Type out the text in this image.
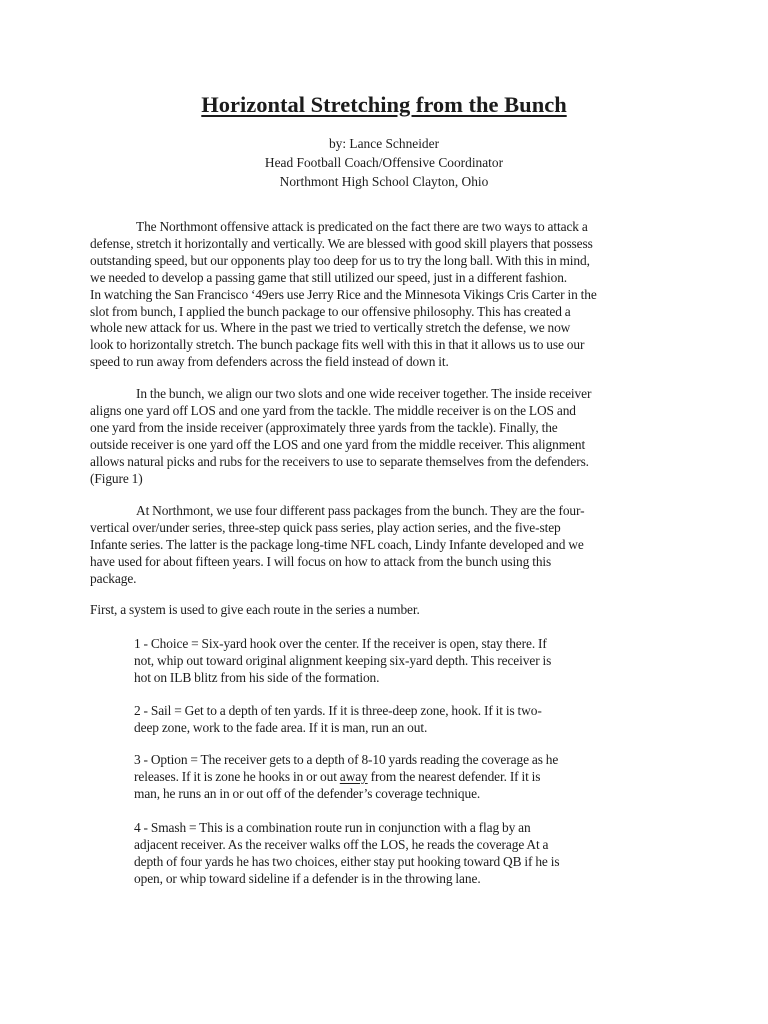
Horizontal Stretching from the Bunch
by: Lance Schneider
Head Football Coach/Offensive Coordinator
Northmont High School Clayton, Ohio

The Northmont offensive attack is predicated on the fact there are two ways to attack a
defense, stretch it horizontally and vertically. We are blessed with good skill players that possess
outstanding speed, but our opponents play too deep for us to try the long ball. With this in mind,
we needed to develop a passing game that still utilized our speed, just in a different fashion.
In watching the San Francisco ‘49ers use Jerry Rice and the Minnesota Vikings Cris Carter in the
slot from bunch, I applied the bunch package to our offensive philosophy. This has created a
whole new attack for us. Where in the past we tried to vertically stretch the defense, we now
look to horizontally stretch. The bunch package fits well with this in that it allows us to use our
speed to run away from defenders across the field instead of down it.

In the bunch, we align our two slots and one wide receiver together. The inside receiver
aligns one yard off LOS and one yard from the tackle. The middle receiver is on the LOS and
one yard from the inside receiver (approximately three yards from the tackle). Finally, the
outside receiver is one yard off the LOS and one yard from the middle receiver. This alignment
allows natural picks and rubs for the receivers to use to separate themselves from the defenders.
(Figure 1)

At Northmont, we use four different pass packages from the bunch. They are the four-
vertical over/under series, three-step quick pass series, play action series, and the five-step
Infante series. The latter is the package long-time NFL coach, Lindy Infante developed and we
have used for about fifteen years. I will focus on how to attack from the bunch using this
package.

First, a system is used to give each route in the series a number.

1 - Choice = Six-yard hook over the center. If the receiver is open, stay there. If
not, whip out toward original alignment keeping six-yard depth. This receiver is
hot on ILB blitz from his side of the formation.

2 - Sail = Get to a depth of ten yards. If it is three-deep zone, hook. If it is two-
deep zone, work to the fade area. If it is man, run an out.

3 - Option = The receiver gets to a depth of 8-10 yards reading the coverage as he
releases. If it is zone he hooks in or out away from the nearest defender. If it is
man, he runs an in or out off of the defender’s coverage technique.

4 - Smash = This is a combination route run in conjunction with a flag by an
adjacent receiver. As the receiver walks off the LOS, he reads the coverage At a
depth of four yards he has two choices, either stay put hooking toward QB if he is
open, or whip toward sideline if a defender is in the throwing lane.
